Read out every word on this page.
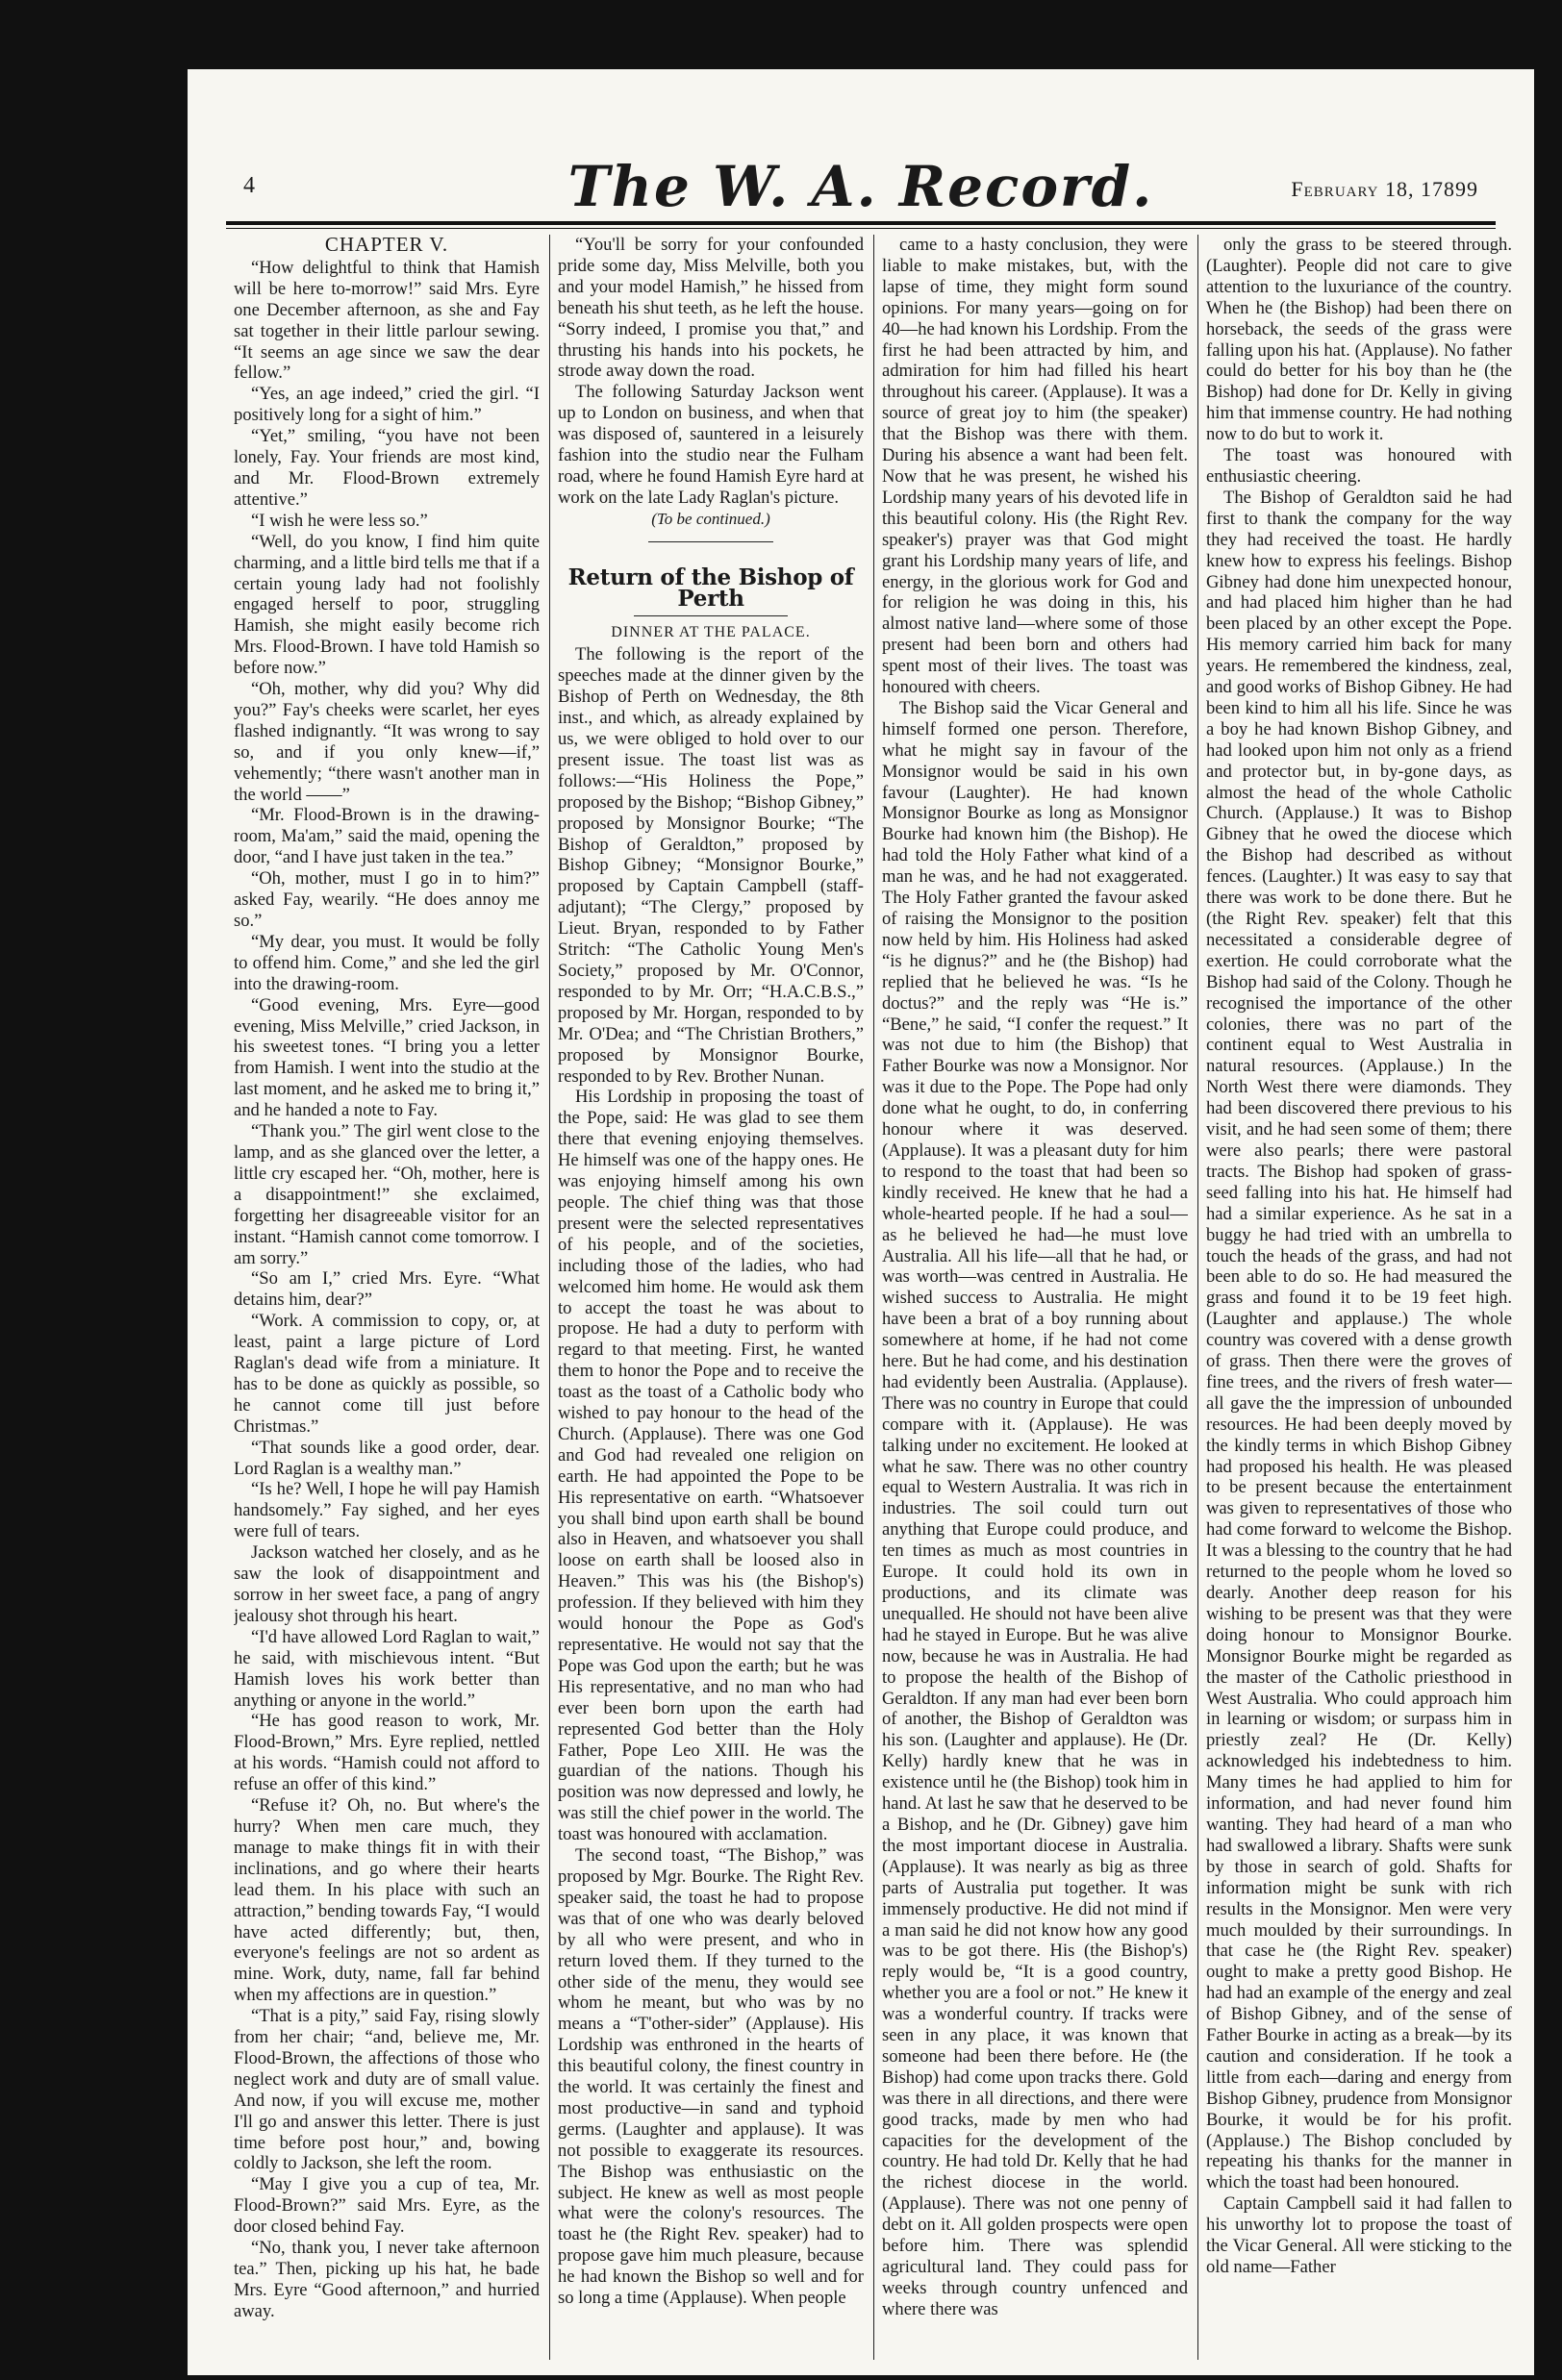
4	The W. A. Record.	February 18, 17899
CHAPTER V.

“How delightful to think that Hamish will be here to-morrow!” said Mrs. Eyre one December afternoon, as she and Fay sat together in their little parlour sewing. “It seems an age since we saw the dear fellow.”

“Yes, an age indeed,” cried the girl. “I positively long for a sight of him.”

“Yet,” smiling, “you have not been lonely, Fay. Your friends are most kind, and Mr. Flood-Brown extremely attentive.”

“I wish he were less so.”

“Well, do you know, I find him quite charming, and a little bird tells me that if a certain young lady had not foolishly engaged herself to poor, struggling Hamish, she might easily become rich Mrs. Flood-Brown. I have told Hamish so before now.”

“Oh, mother, why did you? Why did you?” Fay's cheeks were scarlet, her eyes flashed indignantly. “It was wrong to say so, and if you only knew—if,” vehemently; “there wasn't another man in the world ——”

“Mr. Flood-Brown is in the drawing-room, Ma'am,” said the maid, opening the door, “and I have just taken in the tea.”

“Oh, mother, must I go in to him?” asked Fay, wearily. “He does annoy me so.”

“My dear, you must. It would be folly to offend him. Come,” and she led the girl into the drawing-room.

“Good evening, Mrs. Eyre—good evening, Miss Melville,” cried Jackson, in his sweetest tones. “I bring you a letter from Hamish. I went into the studio at the last moment, and he asked me to bring it,” and he handed a note to Fay.

“Thank you.” The girl went close to the lamp, and as she glanced over the letter, a little cry escaped her. “Oh, mother, here is a disappointment!” she exclaimed, forgetting her disagreeable visitor for an instant. “Hamish cannot come tomorrow. I am sorry.”

“So am I,” cried Mrs. Eyre. “What detains him, dear?”

“Work. A commission to copy, or, at least, paint a large picture of Lord Raglan's dead wife from a miniature. It has to be done as quickly as possible, so he cannot come till just before Christmas.”

“That sounds like a good order, dear. Lord Raglan is a wealthy man.”

“Is he? Well, I hope he will pay Hamish handsomely.” Fay sighed, and her eyes were full of tears.

Jackson watched her closely, and as he saw the look of disappointment and sorrow in her sweet face, a pang of angry jealousy shot through his heart.

“I'd have allowed Lord Raglan to wait,” he said, with mischievous intent. “But Hamish loves his work better than anything or anyone in the world.”

“He has good reason to work, Mr. Flood-Brown,” Mrs. Eyre replied, nettled at his words. “Hamish could not afford to refuse an offer of this kind.”

“Refuse it? Oh, no. But where's the hurry? When men care much, they manage to make things fit in with their inclinations, and go where their hearts lead them. In his place with such an attraction,” bending towards Fay, “I would have acted differently; but, then, everyone's feelings are not so ardent as mine. Work, duty, name, fall far behind when my affections are in question.”

“That is a pity,” said Fay, rising slowly from her chair; “and, believe me, Mr. Flood-Brown, the affections of those who neglect work and duty are of small value. And now, if you will excuse me, mother I'll go and answer this letter. There is just time before post hour,” and, bowing coldly to Jackson, she left the room.

“May I give you a cup of tea, Mr. Flood-Brown?” said Mrs. Eyre, as the door closed behind Fay.

“No, thank you, I never take afternoon tea.” Then, picking up his hat, he bade Mrs. Eyre “Good afternoon,” and hurried away.

“You'll be sorry for your confounded pride some day, Miss Melville, both you and your model Hamish,” he hissed from beneath his shut teeth, as he left the house. “Sorry indeed, I promise you that,” and thrusting his hands into his pockets, he strode away down the road.

The following Saturday Jackson went up to London on business, and when that was disposed of, sauntered in a leisurely fashion into the studio near the Fulham road, where he found Hamish Eyre hard at work on the late Lady Raglan's picture.

(To be continued.)

Return of the Bishop of Perth
DINNER AT THE PALACE.

The following is the report of the speeches made at the dinner given by the Bishop of Perth on Wednesday, the 8th inst., and which, as already explained by us, we were obliged to hold over to our present issue. The toast list was as follows:—“His Holiness the Pope,” proposed by the Bishop; “Bishop Gibney,” proposed by Monsignor Bourke; “The Bishop of Geraldton,” proposed by Bishop Gibney; “Monsignor Bourke,” proposed by Captain Campbell (staff-adjutant); “The Clergy,” proposed by Lieut. Bryan, responded to by Father Stritch: “The Catholic Young Men's Society,” proposed by Mr. O'Connor, responded to by Mr. Orr; “H.A.C.B.S.,” proposed by Mr. Horgan, responded to by Mr. O'Dea; and “The Christian Brothers,” proposed by Monsignor Bourke, responded to by Rev. Brother Nunan.

His Lordship in proposing the toast of the Pope, said: He was glad to see them there that evening enjoying themselves. He himself was one of the happy ones. He was enjoying himself among his own people. The chief thing was that those present were the selected representatives of his people, and of the societies, including those of the ladies, who had welcomed him home. He would ask them to accept the toast he was about to propose. He had a duty to perform with regard to that meeting. First, he wanted them to honor the Pope and to receive the toast as the toast of a Catholic body who wished to pay honour to the head of the Church. (Applause). There was one God and God had revealed one religion on earth. He had appointed the Pope to be His representative on earth. “Whatsoever you shall bind upon earth shall be bound also in Heaven, and whatsoever you shall loose on earth shall be loosed also in Heaven.” This was his (the Bishop's) profession. If they believed with him they would honour the Pope as God's representative. He would not say that the Pope was God upon the earth; but he was His representative, and no man who had ever been born upon the earth had represented God better than the Holy Father, Pope Leo XIII. He was the guardian of the nations. Though his position was now depressed and lowly, he was still the chief power in the world. The toast was honoured with acclamation.

The second toast, “The Bishop,” was proposed by Mgr. Bourke. The Right Rev. speaker said, the toast he had to propose was that of one who was dearly beloved by all who were present, and who in return loved them. If they turned to the other side of the menu, they would see whom he meant, but who was by no means a “T'other-sider” (Applause). His Lordship was enthroned in the hearts of this beautiful colony, the finest country in the world. It was certainly the finest and most productive—in sand and typhoid germs. (Laughter and applause). It was not possible to exaggerate its resources. The Bishop was enthusiastic on the subject. He knew as well as most people what were the colony's resources. The toast he (the Right Rev. speaker) had to propose gave him much pleasure, because he had known the Bishop so well and for so long a time (Applause). When people

came to a hasty conclusion, they were liable to make mistakes, but, with the lapse of time, they might form sound opinions. For many years—going on for 40—he had known his Lordship. From the first he had been attracted by him, and admiration for him had filled his heart throughout his career. (Applause). It was a source of great joy to him (the speaker) that the Bishop was there with them. During his absence a want had been felt. Now that he was present, he wished his Lordship many years of his devoted life in this beautiful colony. His (the Right Rev. speaker's) prayer was that God might grant his Lordship many years of life, and energy, in the glorious work for God and for religion he was doing in this, his almost native land—where some of those present had been born and others had spent most of their lives. The toast was honoured with cheers.

The Bishop said the Vicar General and himself formed one person. Therefore, what he might say in favour of the Monsignor would be said in his own favour (Laughter). He had known Monsignor Bourke as long as Monsignor Bourke had known him (the Bishop). He had told the Holy Father what kind of a man he was, and he had not exaggerated. The Holy Father granted the favour asked of raising the Monsignor to the position now held by him. His Holiness had asked “is he dignus?” and he (the Bishop) had replied that he believed he was. “Is he doctus?” and the reply was “He is.” “Bene,” he said, “I confer the request.” It was not due to him (the Bishop) that Father Bourke was now a Monsignor. Nor was it due to the Pope. The Pope had only done what he ought, to do, in conferring honour where it was deserved. (Applause). It was a pleasant duty for him to respond to the toast that had been so kindly received. He knew that he had a whole-hearted people. If he had a soul—as he believed he had—he must love Australia. All his life—all that he had, or was worth—was centred in Australia. He wished success to Australia. He might have been a brat of a boy running about somewhere at home, if he had not come here. But he had come, and his destination had evidently been Australia. (Applause). There was no country in Europe that could compare with it. (Applause). He was talking under no excitement. He looked at what he saw. There was no other country equal to Western Australia. It was rich in industries. The soil could turn out anything that Europe could produce, and ten times as much as most countries in Europe. It could hold its own in productions, and its climate was unequalled. He should not have been alive had he stayed in Europe. But he was alive now, because he was in Australia. He had to propose the health of the Bishop of Geraldton. If any man had ever been born of another, the Bishop of Geraldton was his son. (Laughter and applause). He (Dr. Kelly) hardly knew that he was in existence until he (the Bishop) took him in hand. At last he saw that he deserved to be a Bishop, and he (Dr. Gibney) gave him the most important diocese in Australia. (Applause). It was nearly as big as three parts of Australia put together. It was immensely productive. He did not mind if a man said he did not know how any good was to be got there. His (the Bishop's) reply would be, “It is a good country, whether you are a fool or not.” He knew it was a wonderful country. If tracks were seen in any place, it was known that someone had been there before. He (the Bishop) had come upon tracks there. Gold was there in all directions, and there were good tracks, made by men who had capacities for the development of the country. He had told Dr. Kelly that he had the richest diocese in the world. (Applause). There was not one penny of debt on it. All golden prospects were open before him. There was splendid agricultural land. They could pass for weeks through country unfenced and where there was

only the grass to be steered through. (Laughter). People did not care to give attention to the luxuriance of the country. When he (the Bishop) had been there on horseback, the seeds of the grass were falling upon his hat. (Applause). No father could do better for his boy than he (the Bishop) had done for Dr. Kelly in giving him that immense country. He had nothing now to do but to work it.

The toast was honoured with enthusiastic cheering.

The Bishop of Geraldton said he had first to thank the company for the way they had received the toast. He hardly knew how to express his feelings. Bishop Gibney had done him unexpected honour, and had placed him higher than he had been placed by an other except the Pope. His memory carried him back for many years. He remembered the kindness, zeal, and good works of Bishop Gibney. He had been kind to him all his life. Since he was a boy he had known Bishop Gibney, and had looked upon him not only as a friend and protector but, in by-gone days, as almost the head of the whole Catholic Church. (Applause.) It was to Bishop Gibney that he owed the diocese which the Bishop had described as without fences. (Laughter.) It was easy to say that there was work to be done there. But he (the Right Rev. speaker) felt that this necessitated a considerable degree of exertion. He could corroborate what the Bishop had said of the Colony. Though he recognised the importance of the other colonies, there was no part of the continent equal to West Australia in natural resources. (Applause.) In the North West there were diamonds. They had been discovered there previous to his visit, and he had seen some of them; there were also pearls; there were pastoral tracts. The Bishop had spoken of grass-seed falling into his hat. He himself had had a similar experience. As he sat in a buggy he had tried with an umbrella to touch the heads of the grass, and had not been able to do so. He had measured the grass and found it to be 19 feet high. (Laughter and applause.) The whole country was covered with a dense growth of grass. Then there were the groves of fine trees, and the rivers of fresh water—all gave the the impression of unbounded resources. He had been deeply moved by the kindly terms in which Bishop Gibney had proposed his health. He was pleased to be present because the entertainment was given to representatives of those who had come forward to welcome the Bishop. It was a blessing to the country that he had returned to the people whom he loved so dearly. Another deep reason for his wishing to be present was that they were doing honour to Monsignor Bourke. Monsignor Bourke might be regarded as the master of the Catholic priesthood in West Australia. Who could approach him in learning or wisdom; or surpass him in priestly zeal? He (Dr. Kelly) acknowledged his indebtedness to him. Many times he had applied to him for information, and had never found him wanting. They had heard of a man who had swallowed a library. Shafts were sunk by those in search of gold. Shafts for information might be sunk with rich results in the Monsignor. Men were very much moulded by their surroundings. In that case he (the Right Rev. speaker) ought to make a pretty good Bishop. He had had an example of the energy and zeal of Bishop Gibney, and of the sense of Father Bourke in acting as a break—by its caution and consideration. If he took a little from each—daring and energy from Bishop Gibney, prudence from Monsignor Bourke, it would be for his profit. (Applause.) The Bishop concluded by repeating his thanks for the manner in which the toast had been honoured.

Captain Campbell said it had fallen to his unworthy lot to propose the toast of the Vicar General. All were sticking to the old name—Father
